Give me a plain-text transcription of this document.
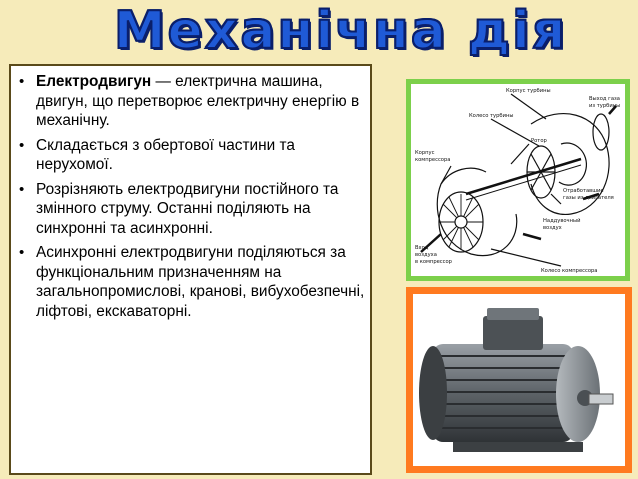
Механічна дія
• Електродвигун — електрична машина, двигун, що перетворює електричну енергію в механічну.
• Складається з обертової частини та нерухомої.
• Розрізняють електродвигуни постійного та змінного струму. Останні поділяють на синхронні та асинхронні.
• Асинхронні електродвигуни поділяються за функціональним призначенням на загальнопромислові, кранові, вибухобезпечні, ліфтові, екскаваторні.
Корпус турбины
Колесо турбины
Ротор
Корпус
компрессора
Выход газа
из турбины
Отработавшие
газы из двигателя
Наддувочный
воздух
Вход
воздуха
в компрессор
Колесо компрессора
